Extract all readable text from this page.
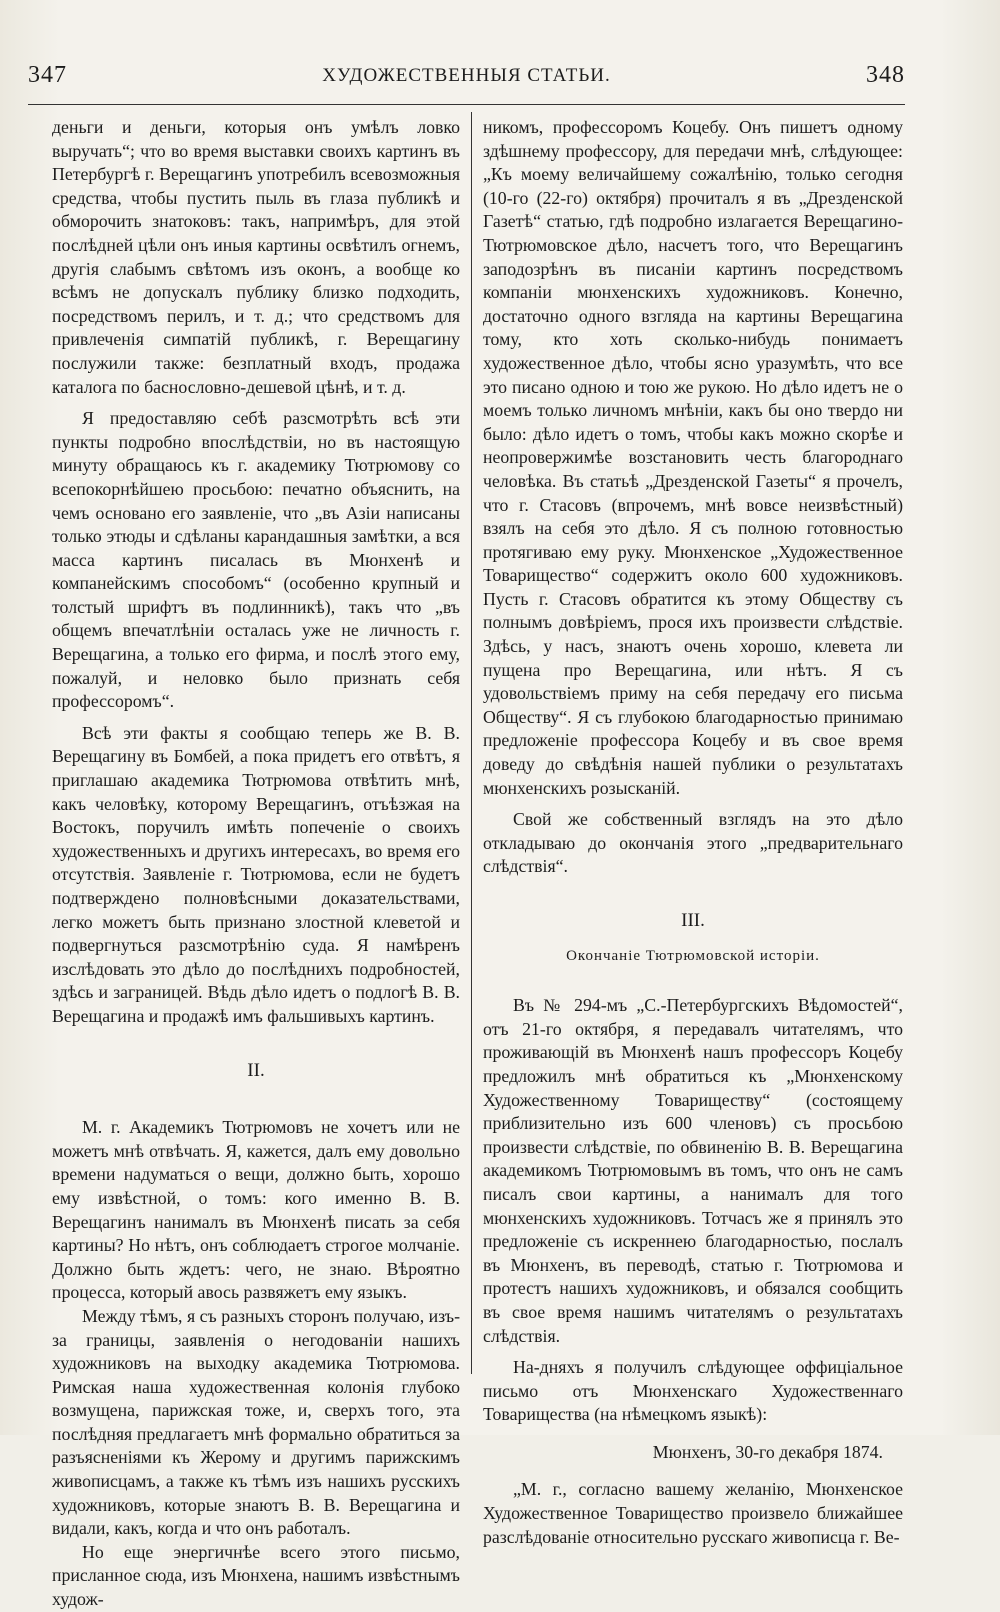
347	ХУДОЖЕСТВЕННЫЯ СТАТЬИ.	348

деньги и деньги, которыя онъ умѣлъ ловко выручать“; что во время выставки своихъ картинъ въ Петербургѣ г. Верещагинъ употребилъ всевозможныя средства, чтобы пустить пыль въ глаза публикѣ и обморочить знатоковъ: такъ, напримѣръ, для этой послѣдней цѣли онъ иныя картины освѣтилъ огнемъ, другія слабымъ свѣтомъ изъ оконъ, а вообще ко всѣмъ не допускалъ публику близко подходить, посредствомъ перилъ, и т. д.; что средствомъ для привлеченія симпатій публикѣ, г. Верещагину послужили также: безплатный входъ, продажа каталога по баснословно-дешевой цѣнѣ, и т. д.

Я предоставляю себѣ разсмотрѣть всѣ эти пункты подробно впослѣдствіи, но въ настоящую минуту обращаюсь къ г. академику Тютрюмову со всепокорнѣйшею просьбою: печатно объяснить, на чемъ основано его заявленіе, что „въ Азіи написаны только этюды и сдѣланы карандашныя замѣтки, а вся масса картинъ писалась въ Мюнхенѣ и компанейскимъ способомъ“ (особенно крупный и толстый шрифтъ въ подлинникѣ), такъ что „въ общемъ впечатлѣніи осталась уже не личность г. Верещагина, а только его фирма, и послѣ этого ему, пожалуй, и неловко было признать себя профессоромъ“.

Всѣ эти факты я сообщаю теперь же В. В. Верещагину въ Бомбей, а пока придетъ его отвѣтъ, я приглашаю академика Тютрюмова отвѣтить мнѣ, какъ человѣку, которому Верещагинъ, отъѣзжая на Востокъ, поручилъ имѣть попеченіе о своихъ художественныхъ и другихъ интересахъ, во время его отсутствія. Заявленіе г. Тютрюмова, если не будетъ подтверждено полновѣсными доказательствами, легко можетъ быть признано злостной клеветой и подвергнуться разсмотрѣнію суда. Я намѣренъ изслѣдовать это дѣло до послѣднихъ подробностей, здѣсь и заграницей. Вѣдь дѣло идетъ о подлогѣ В. В. Верещагина и продажѣ имъ фальшивыхъ картинъ.

II.

М. г. Академикъ Тютрюмовъ не хочетъ или не можетъ мнѣ отвѣчать. Я, кажется, далъ ему довольно времени надуматься о вещи, должно быть, хорошо ему извѣстной, о томъ: кого именно В. В. Верещагинъ нанималъ въ Мюнхенѣ писать за себя картины? Но нѣтъ, онъ соблюдаетъ строгое молчаніе. Должно быть ждетъ: чего, не знаю. Вѣроятно процесса, который авось развяжетъ ему языкъ.

Между тѣмъ, я съ разныхъ сторонъ получаю, изъ-за границы, заявленія о негодованіи нашихъ художниковъ на выходку академика Тютрюмова. Римская наша художественная колонія глубоко возмущена, парижская тоже, и, сверхъ того, эта послѣдняя предлагаетъ мнѣ формально обратиться за разъясненіями къ Жерому и другимъ парижскимъ живописцамъ, а также къ тѣмъ изъ нашихъ русскихъ художниковъ, которые знаютъ В. В. Верещагина и видали, какъ, когда и что онъ работалъ.

Но еще энергичнѣе всего этого письмо, присланное сюда, изъ Мюнхена, нашимъ извѣстнымъ худож-

никомъ, профессоромъ Коцебу. Онъ пишетъ одному здѣшнему профессору, для передачи мнѣ, слѣдующее: „Къ моему величайшему сожалѣнію, только сегодня (10-го (22-го) октября) прочиталъ я въ „Дрезденской Газетѣ“ статью, гдѣ подробно излагается Верещагино-Тютрюмовское дѣло, насчетъ того, что Верещагинъ заподозрѣнъ въ писаніи картинъ посредствомъ компаніи мюнхенскихъ художниковъ. Конечно, достаточно одного взгляда на картины Верещагина тому, кто хоть сколько-нибудь понимаетъ художественное дѣло, чтобы ясно уразумѣть, что все это писано одною и тою же рукою. Но дѣло идетъ не о моемъ только личномъ мнѣніи, какъ бы оно твердо ни было: дѣло идетъ о томъ, чтобы какъ можно скорѣе и неопровержимѣе возстановить честь благороднаго человѣка. Въ статьѣ „Дрезденской Газеты“ я прочелъ, что г. Стасовъ (впрочемъ, мнѣ вовсе неизвѣстный) взялъ на себя это дѣло. Я съ полною готовностью протягиваю ему руку. Мюнхенское „Художественное Товарищество“ содержитъ около 600 художниковъ. Пусть г. Стасовъ обратится къ этому Обществу съ полнымъ довѣріемъ, прося ихъ произвести слѣдствіе. Здѣсь, у насъ, знаютъ очень хорошо, клевета ли пущена про Верещагина, или нѣтъ. Я съ удовольствіемъ приму на себя передачу его письма Обществу“. Я съ глубокою благодарностью принимаю предложеніе профессора Коцебу и въ свое время доведу до свѣдѣнія нашей публики о результатахъ мюнхенскихъ розысканій.

Свой же собственный взглядъ на это дѣло откладываю до окончанія этого „предварительнаго слѣдствія“.

III.
Окончаніе Тютрюмовской исторіи.

Въ № 294-мъ „С.-Петербургскихъ Вѣдомостей“, отъ 21-го октября, я передавалъ читателямъ, что проживающій въ Мюнхенѣ нашъ профессоръ Коцебу предложилъ мнѣ обратиться къ „Мюнхенскому Художественному Товариществу“ (состоящему приблизительно изъ 600 членовъ) съ просьбою произвести слѣдствіе, по обвиненію В. В. Верещагина академикомъ Тютрюмовымъ въ томъ, что онъ не самъ писалъ свои картины, а нанималъ для того мюнхенскихъ художниковъ. Тотчасъ же я принялъ это предложеніе съ искреннею благодарностью, послалъ въ Мюнхенъ, въ переводѣ, статью г. Тютрюмова и протестъ нашихъ художниковъ, и обязался сообщить въ свое время нашимъ читателямъ о результатахъ слѣдствія.

На-дняхъ я получилъ слѣдующее оффиціальное письмо отъ Мюнхенскаго Художественнаго Товарищества (на нѣмецкомъ языкѣ):

Мюнхенъ, 30-го декабря 1874.

„М. г., согласно вашему желанію, Мюнхенское Художественное Товарищество произвело ближайшее разслѣдованіе относительно русскаго живописца г. Ве-
